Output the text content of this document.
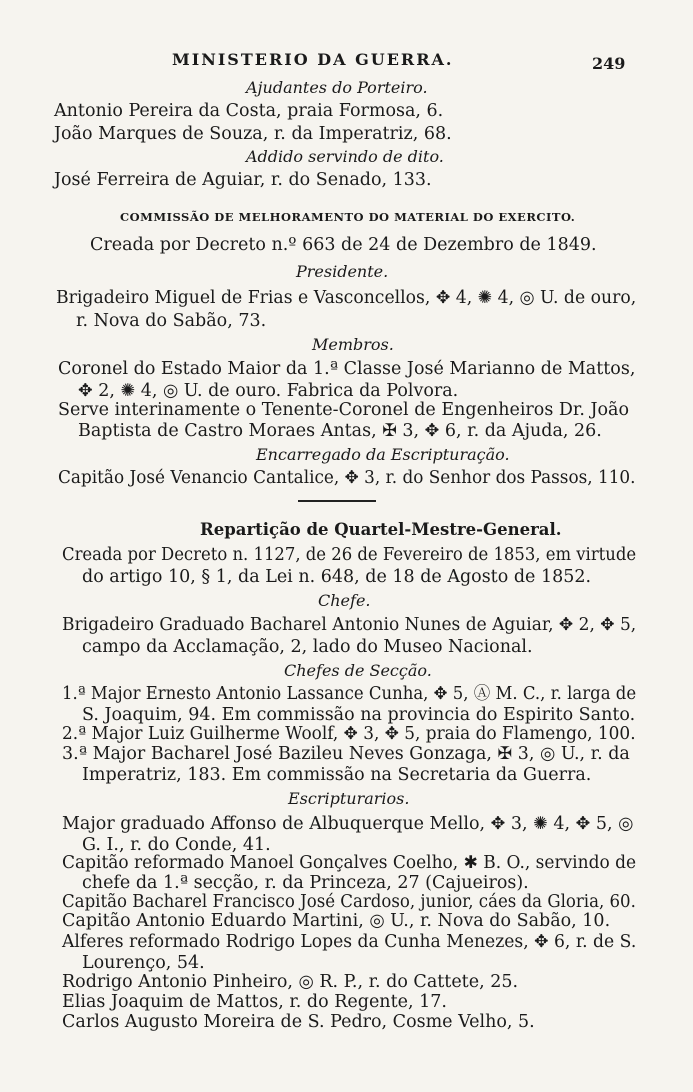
MINISTERIO DA GUERRA.	249
Ajudantes do Porteiro.
Antonio Pereira da Costa, praia Formosa, 6.
João Marques de Souza, r. da Imperatriz, 68.
Addido servindo de dito.
José Ferreira de Aguiar, r. do Senado, 133.
COMMISSÃO DE MELHORAMENTO DO MATERIAL DO EXERCITO.
Creada por Decreto n.º 663 de 24 de Dezembro de 1849.
Presidente.
Brigadeiro Miguel de Frias e Vasconcellos, ✥ 4, ✺ 4, ◎ U. de ouro,
r. Nova do Sabão, 73.
Membros.
Coronel do Estado Maior da 1.ª Classe José Marianno de Mattos,
✥ 2, ✺ 4, ◎ U. de ouro. Fabrica da Polvora.
Serve interinamente o Tenente-Coronel de Engenheiros Dr. João
Baptista de Castro Moraes Antas, ✠ 3, ✥ 6, r. da Ajuda, 26.
Encarregado da Escripturação.
Capitão José Venancio Cantalice, ✥ 3, r. do Senhor dos Passos, 110.
Repartição de Quartel-Mestre-General.
Creada por Decreto n. 1127, de 26 de Fevereiro de 1853, em virtude
do artigo 10, § 1, da Lei n. 648, de 18 de Agosto de 1852.
Chefe.
Brigadeiro Graduado Bacharel Antonio Nunes de Aguiar, ✥ 2, ✥ 5,
campo da Acclamação, 2, lado do Museo Nacional.
Chefes de Secção.
1.ª Major Ernesto Antonio Lassance Cunha, ✥ 5, Ⓐ M. C., r. larga de
S. Joaquim, 94. Em commissão na provincia do Espirito Santo.
2.ª Major Luiz Guilherme Woolf, ✥ 3, ✥ 5, praia do Flamengo, 100.
3.ª Major Bacharel José Bazileu Neves Gonzaga, ✠ 3, ◎ U., r. da
Imperatriz, 183. Em commissão na Secretaria da Guerra.
Escripturarios.
Major graduado Affonso de Albuquerque Mello, ✥ 3, ✺ 4, ✥ 5, ◎
G. I., r. do Conde, 41.
Capitão reformado Manoel Gonçalves Coelho, ✱ B. O., servindo de
chefe da 1.ª secção, r. da Princeza, 27 (Cajueiros).
Capitão Bacharel Francisco José Cardoso, junior, cáes da Gloria, 60.
Capitão Antonio Eduardo Martini, ◎ U., r. Nova do Sabão, 10.
Alferes reformado Rodrigo Lopes da Cunha Menezes, ✥ 6, r. de S.
Lourenço, 54.
Rodrigo Antonio Pinheiro, ◎ R. P., r. do Cattete, 25.
Elias Joaquim de Mattos, r. do Regente, 17.
Carlos Augusto Moreira de S. Pedro, Cosme Velho, 5.
